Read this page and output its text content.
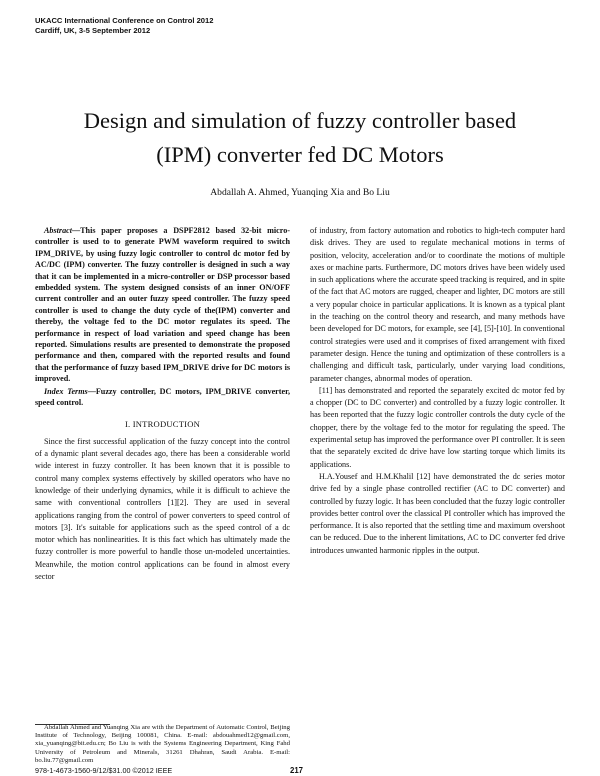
UKACC International Conference on Control 2012
Cardiff, UK, 3-5 September 2012
Design and simulation of fuzzy controller based
(IPM) converter fed DC Motors
Abdallah A. Ahmed, Yuanqing Xia and Bo Liu

Abstract—This paper proposes a DSPF2812 based 32-bit micro-controller is used to to generate PWM waveform required to switch IPM_DRIVE, by using fuzzy logic controller to control dc motor fed by AC/DC (IPM) converter. The fuzzy controller is designed in such a way that it can be implemented in a micro-controller or DSP processor based embedded system. The system designed consists of an inner ON/OFF current controller and an outer fuzzy speed controller. The fuzzy speed controller is used to change the duty cycle of the(IPM) converter and thereby, the voltage fed to the DC motor regulates its speed. The performance in respect of load variation and speed change has been reported. Simulations results are presented to demonstrate the proposed performance and then, compared with the reported results and found that the performance of fuzzy based IPM_DRIVE drive for DC motors is improved.

Index Terms—Fuzzy controller, DC motors, IPM_DRIVE converter, speed control.

I. INTRODUCTION

Since the first successful application of the fuzzy concept into the control of a dynamic plant several decades ago, there has been a considerable world wide interest in fuzzy controller. It has been known that it is possible to control many complex systems effectively by skilled operators who have no knowledge of their underlying dynamics, while it is difficult to achieve the same with conventional controllers [1][2]. They are used in several applications ranging from the control of power converters to speed control of motors [3]. It's suitable for applications such as the speed control of a dc motor which has nonlinearities. It is this fact which has ultimately made the fuzzy controller is more powerful to handle those un-modeled uncertainties. Meanwhile, the motion control applications can be found in almost every sector

of industry, from factory automation and robotics to high-tech computer hard disk drives. They are used to regulate mechanical motions in terms of position, velocity, acceleration and/or to coordinate the motions of multiple axes or machine parts. Furthermore, DC motors drives have been widely used in such applications where the accurate speed tracking is required, and in spite of the fact that AC motors are rugged, cheaper and lighter, DC motors are still a very popular choice in particular applications. It is known as a typical plant in the teaching on the control theory and research, and many methods have been developed for DC motors, for example, see [4], [5]-[10]. In conventional control strategies were used and it comprises of fixed arrangement with fixed parameter design. Hence the tuning and optimization of these controllers is a challenging and difficult task, particularly, under varying load conditions, parameter changes, abnormal modes of operation.

[11] has demonstrated and reported the separately excited dc motor fed by a chopper (DC to DC converter) and controlled by a fuzzy logic controller. It has been reported that the fuzzy logic controller controls the duty cycle of the chopper, there by the voltage fed to the motor for regulating the speed. The experimental setup has improved the performance over PI controller. It is seen that the separately excited dc drive have low starting torque which limits its applications.

H.A.Yousef and H.M.Khalil [12] have demonstrated the dc series motor drive fed by a single phase controlled rectifier (AC to DC converter) and controlled by fuzzy logic. It has been concluded that the fuzzy logic controller provides better control over the classical PI controller which has improved the performance. It is also reported that the settling time and maximum overshoot can be reduced. Due to the inherent limitations, AC to DC converter fed drive introduces unwanted harmonic ripples in the output.

Abdallah Ahmed and Yuanqing Xia are with the Department of Automatic Control, Beijing Institute of Technology, Beijing 100081, China. E-mail: abdouahmed12@gmail.com, xia_yuanqing@bit.edu.cn; Bo Liu is with the Systems Engineering Department, King Fahd University of Petroleum and Minerals, 31261 Dhahran, Saudi Arabia. E-mail: bo.liu.77@gmail.com
978-1-4673-1560-9/12/$31.00 ©2012 IEEE	217
